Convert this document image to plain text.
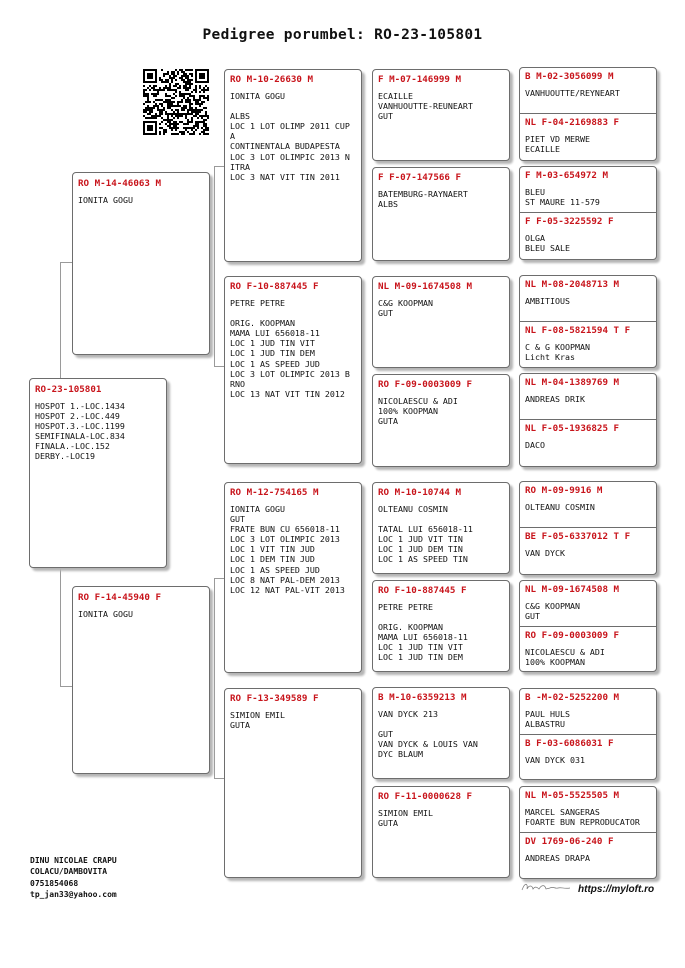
Pedigree porumbel: RO-23-105801
RO-23-105801
HOSPOT 1.-LOC.1434
HOSPOT 2.-LOC.449
HOSPOT.3.-LOC.1199
SEMIFINALA-LOC.834
FINALA.-LOC.152
DERBY.-LOC19
RO M-14-46063 M
IONITA GOGU
RO F-14-45940 F
IONITA GOGU
RO M-10-26630 M
IONITA GOGU

ALBS
LOC 1 LOT OLIMP 2011 CUP
A
CONTINENTALA BUDAPESTA
LOC 3 LOT OLIMPIC 2013 N
ITRA
LOC 3 NAT VIT TIN 2011
RO F-10-887445 F
PETRE PETRE

ORIG. KOOPMAN
MAMA LUI 656018-11
LOC 1 JUD TIN VIT
LOC 1 JUD TIN DEM
LOC 1 AS SPEED JUD
LOC 3 LOT OLIMPIC 2013 B
RNO
LOC 13 NAT VIT TIN 2012
RO M-12-754165 M
IONITA GOGU
GUT
FRATE BUN CU 656018-11
LOC 3 LOT OLIMPIC 2013
LOC 1 VIT TIN JUD
LOC 1 DEM TIN JUD
LOC 1 AS SPEED JUD
LOC 8 NAT PAL-DEM 2013
LOC 12 NAT PAL-VIT 2013
RO F-13-349589 F
SIMION EMIL
GUTA
F M-07-146999 M
ECAILLE
VANHUOUTTE-REUNEART
GUT
F F-07-147566 F
BATEMBURG-RAYNAERT
ALBS
NL M-09-1674508 M
C&G KOOPMAN
GUT
RO F-09-0003009 F
NICOLAESCU & ADI
100% KOOPMAN
GUTA
RO M-10-10744 M
OLTEANU COSMIN

TATAL LUI 656018-11
LOC 1 JUD VIT TIN
LOC 1 JUD DEM TIN
LOC 1 AS SPEED TIN
RO F-10-887445 F
PETRE PETRE

ORIG. KOOPMAN
MAMA LUI 656018-11
LOC 1 JUD TIN VIT
LOC 1 JUD TIN DEM
B M-10-6359213 M
VAN DYCK 213

GUT
VAN DYCK & LOUIS VAN
DYC BLAUM
RO F-11-0000628 F
SIMION EMIL
GUTA
B M-02-3056099 M
VANHUOUTTE/REYNEART
NL F-04-2169883 F
PIET VD MERWE
ECAILLE
F M-03-654972 M
BLEU
ST MAURE 11-579
F F-05-3225592 F
OLGA
BLEU SALE
NL M-08-2048713 M
AMBITIOUS
NL F-08-5821594 T F
C & G KOOPMAN
Licht Kras
NL M-04-1389769 M
ANDREAS DRIK
NL F-05-1936825 F
DACO
RO M-09-9916 M
OLTEANU COSMIN
BE F-05-6337012 T F
VAN DYCK
NL M-09-1674508 M
C&G KOOPMAN
GUT
RO F-09-0003009 F
NICOLAESCU & ADI
100% KOOPMAN
B -M-02-5252200 M
PAUL HULS
ALBASTRU
B F-03-6086031 F
VAN DYCK 031
NL M-05-5525505 M
MARCEL SANGERAS
FOARTE BUN REPRODUCATOR
DV 1769-06-240 F
ANDREAS DRAPA
DINU NICOLAE CRAPU
COLACU/DAMBOVITA
0751854068
tp_jan33@yahoo.com	https://myloft.ro
